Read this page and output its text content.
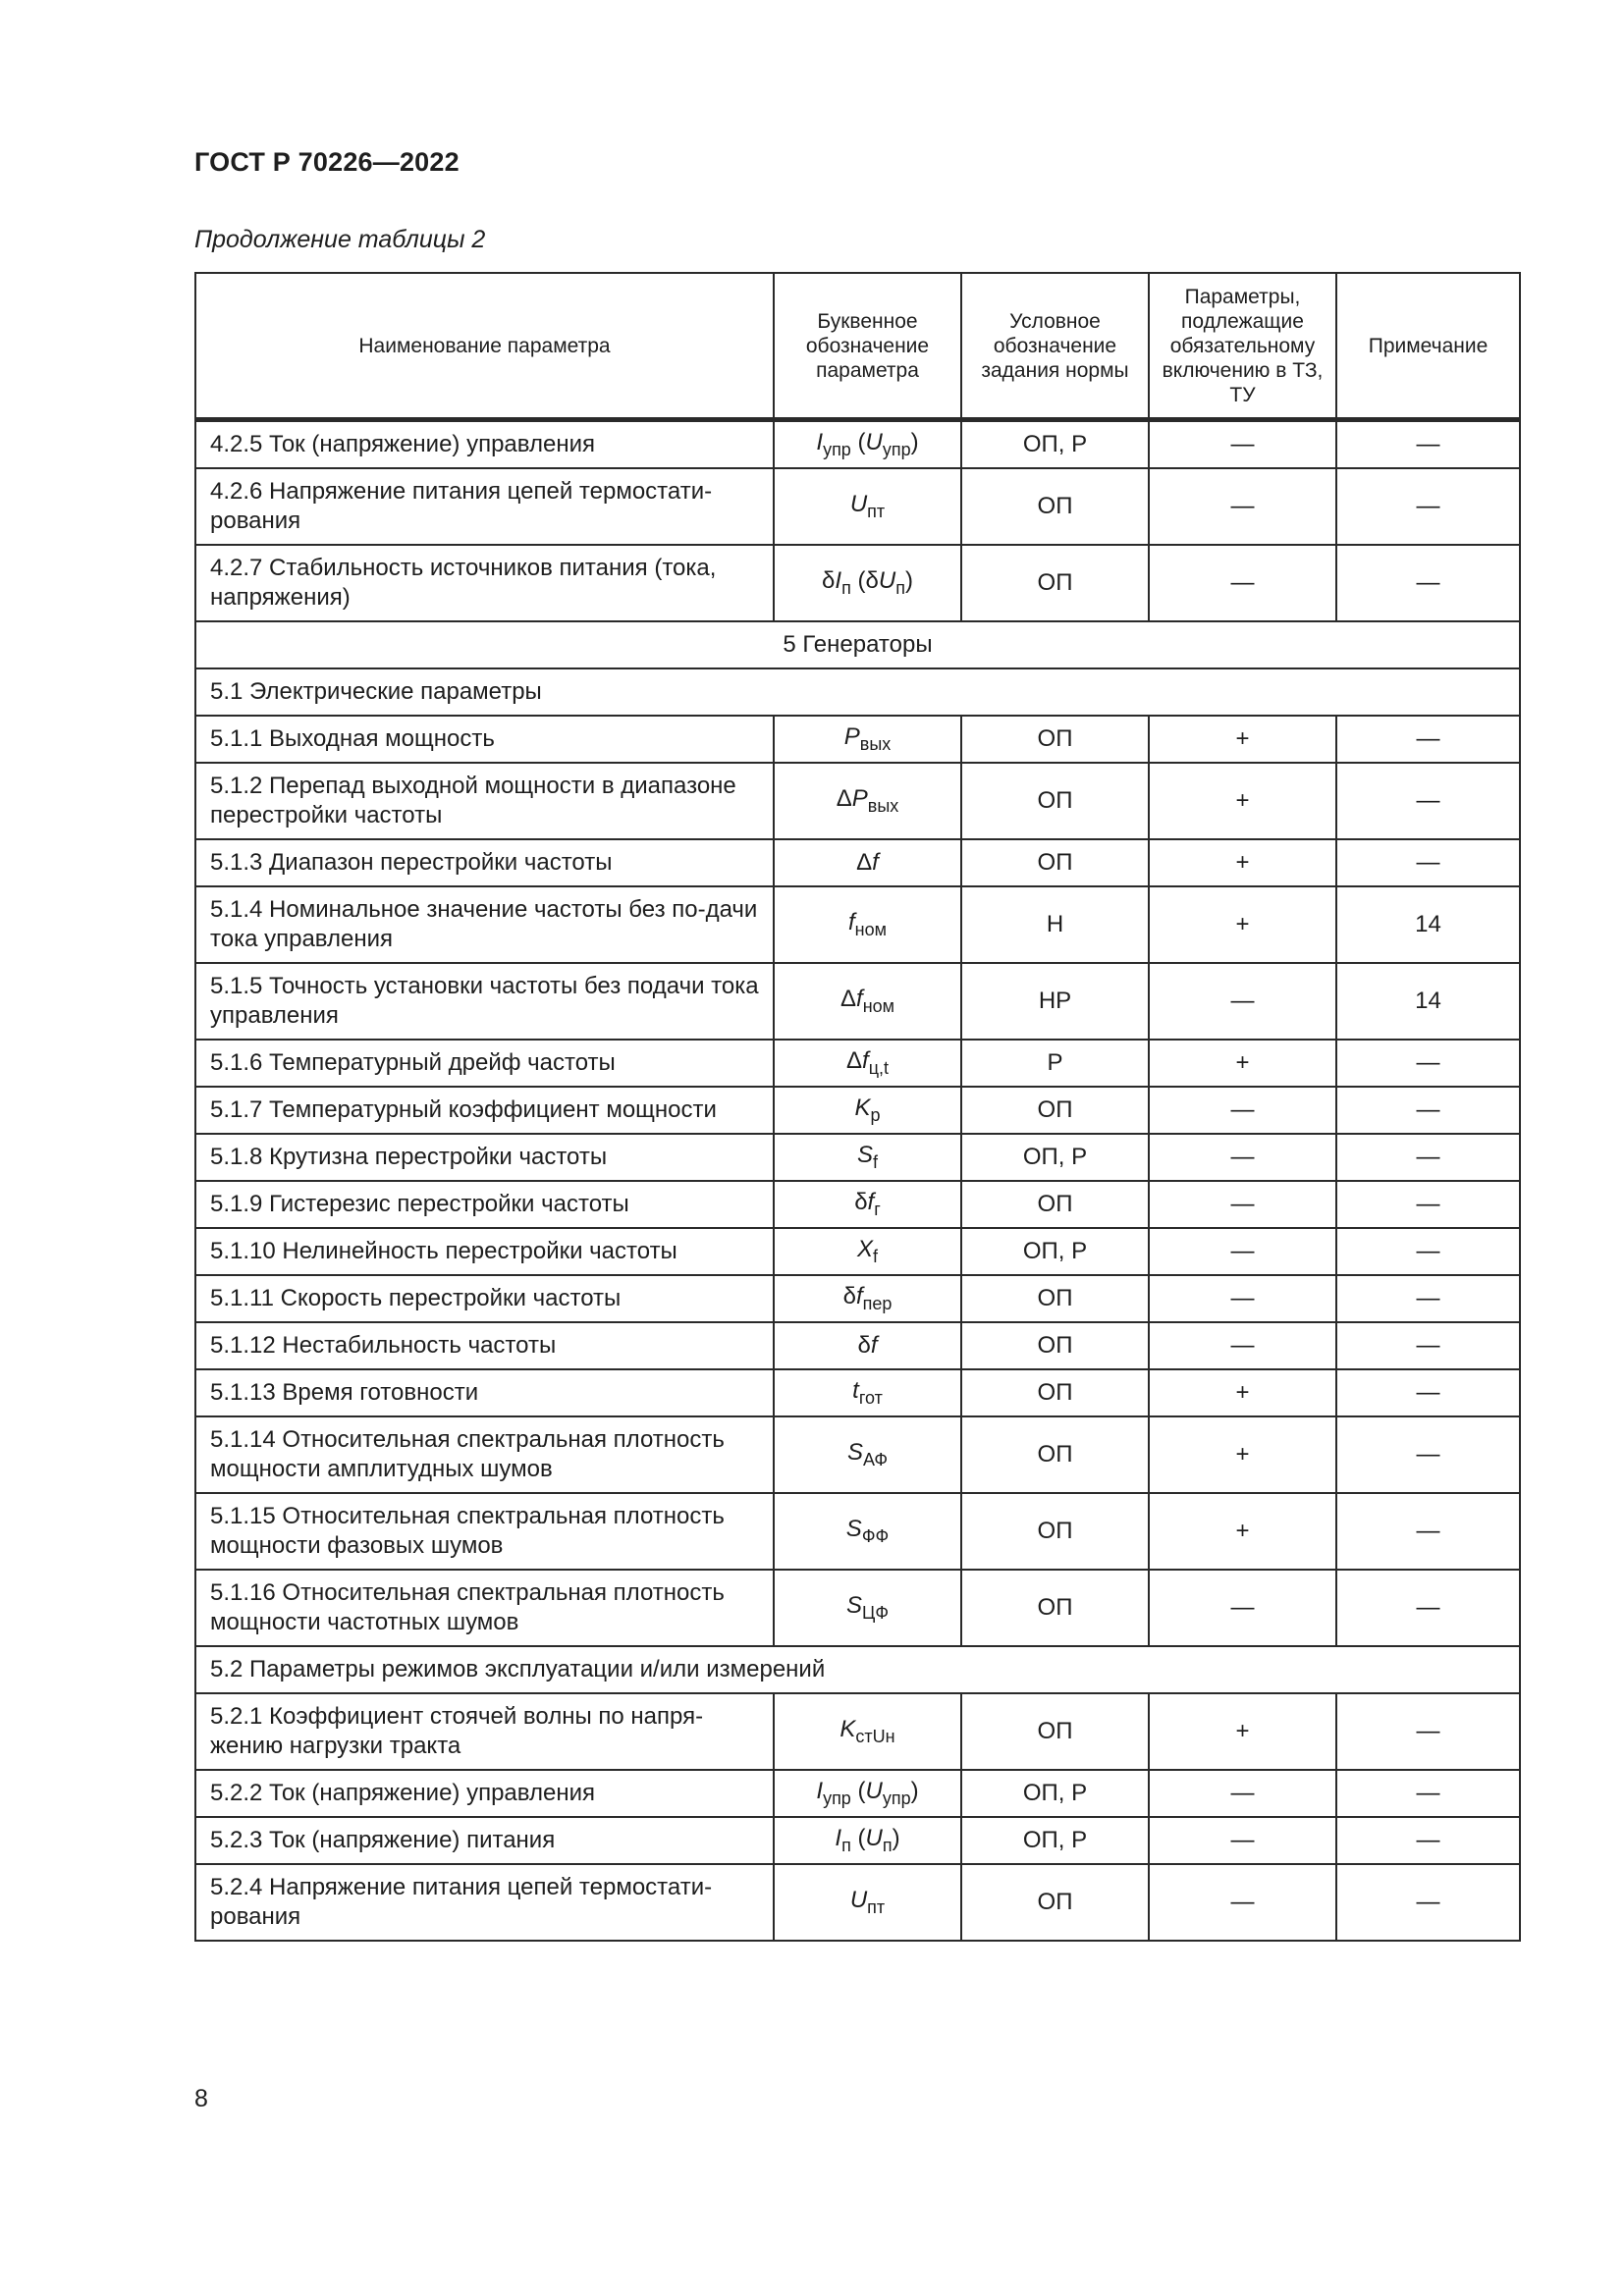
ГОСТ Р 70226—2022
Продолжение таблицы 2
Наименование параметра	Буквенное обозначение параметра	Условное обозначение задания нормы	Параметры, подлежащие обязательному включению в ТЗ, ТУ	Примечание
4.2.5 Ток (напряжение) управления	$I_{упр}$ $(U_{упр})$	ОП, Р	—	—
4.2.6 Напряжение питания цепей термостати-рования	$U_{пт}$	ОП	—	—
4.2.7 Стабильность источников питания (тока, напряжения)	$\delta I_п$ $(\delta U_п)$	ОП	—	—
5 Генераторы				
5.1 Электрические параметры				
5.1.1 Выходная мощность	$P_{вых}$	ОП	+	—
5.1.2 Перепад выходной мощности в диапазоне перестройки частоты	$\Delta P_{вых}$	ОП	+	—
5.1.3 Диапазон перестройки частоты	Δf	ОП	+	—
5.1.4 Номинальное значение частоты без по-дачи тока управления	$f_{ном}$	Н	+	14
5.1.5 Точность установки частоты без подачи тока управления	$\Delta f_{ном}$	НР	—	14
5.1.6 Температурный дрейф частоты	$\Delta f_{ц,t}$	Р	+	—
5.1.7 Температурный коэффициент мощности	$K_р$	ОП	—	—
5.1.8 Крутизна перестройки частоты	$S_f$	ОП, Р	—	—
5.1.9 Гистерезис перестройки частоты	$\delta f_г$	ОП	—	—
5.1.10 Нелинейность перестройки частоты	$X_f$	ОП, Р	—	—
5.1.11 Скорость перестройки частоты	$\delta f_{пер}$	ОП	—	—
5.1.12 Нестабильность частоты	δf	ОП	—	—
5.1.13 Время готовности	$t_{гот}$	ОП	+	—
5.1.14 Относительная спектральная плотность мощности амплитудных шумов	$S_{АФ}$	ОП	+	—
5.1.15 Относительная спектральная плотность мощности фазовых шумов	$S_{ФФ}$	ОП	+	—
5.1.16 Относительная спектральная плотность мощности частотных шумов	$S_{ЦФ}$	ОП	—	—
5.2 Параметры режимов эксплуатации и/или измерений				
5.2.1 Коэффициент стоячей волны по напря-жению нагрузки тракта	$K_{стUн}$	ОП	+	—
5.2.2 Ток (напряжение) управления	$I_{упр}$ $(U_{упр})$	ОП, Р	—	—
5.2.3 Ток (напряжение) питания	$I_п$ $(U_п)$	ОП, Р	—	—
5.2.4 Напряжение питания цепей термостати-рования	$U_{пт}$	ОП	—	—
8
